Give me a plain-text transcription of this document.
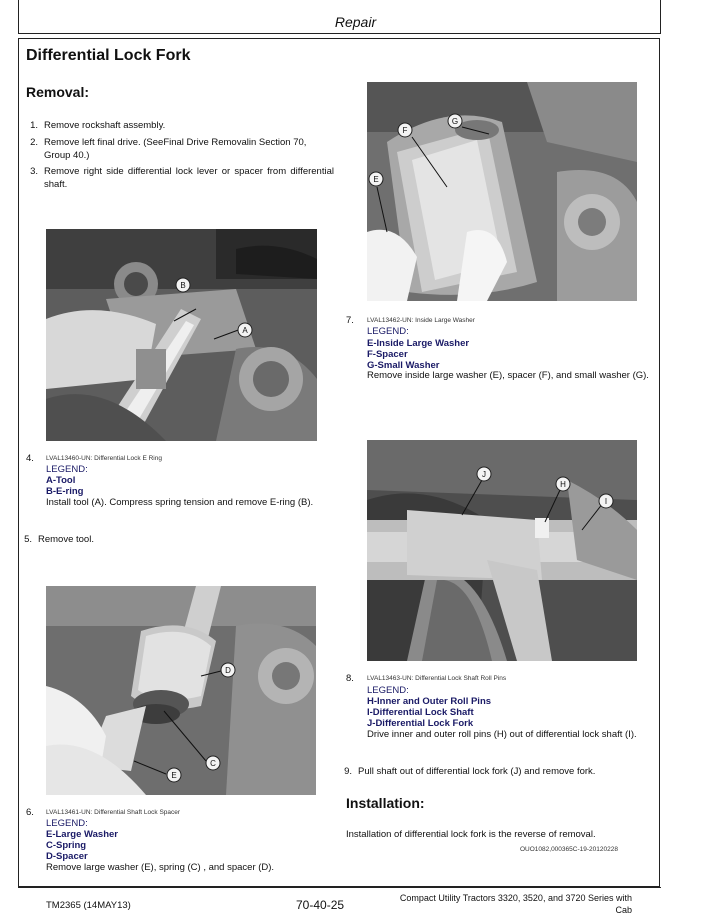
Repair
Differential Lock Fork
Removal:
1. Remove rockshaft assembly.
2. Remove left final drive. (SeeFinal Drive Removalin Section 70, Group 40.)
3. Remove right side differential lock lever or spacer from differential shaft.
A
B
4.	LVAL13460-UN: Differential Lock E Ring
LEGEND:
A-Tool
B-E-ring
Install tool (A). Compress spring tension and remove E-ring (B).
5. Remove tool.
D
C
E
6.	LVAL13461-UN: Differential Shaft Lock Spacer
LEGEND:
E-Large Washer
C-Spring
D-Spacer
Remove large washer (E), spring (C) , and spacer (D).
F
G
E
7.	LVAL13462-UN: Inside Large Washer
LEGEND:
E-Inside Large Washer
F-Spacer
G-Small Washer
Remove inside large washer (E), spacer (F), and small washer (G).
J
H
I
8.	LVAL13463-UN: Differential Lock Shaft Roll Pins
LEGEND:
H-Inner and Outer Roll Pins
I-Differential Lock Shaft
J-Differential Lock Fork
Drive inner and outer roll pins (H) out of differential lock shaft (I).
9. Pull shaft out of differential lock fork (J) and remove fork.
Installation:
Installation of differential lock fork is the reverse of removal.
OUO1082,000365C-19-20120228
TM2365 (14MAY13)	70-40-25	Compact Utility Tractors 3320, 3520, and 3720 Series with
Cab
